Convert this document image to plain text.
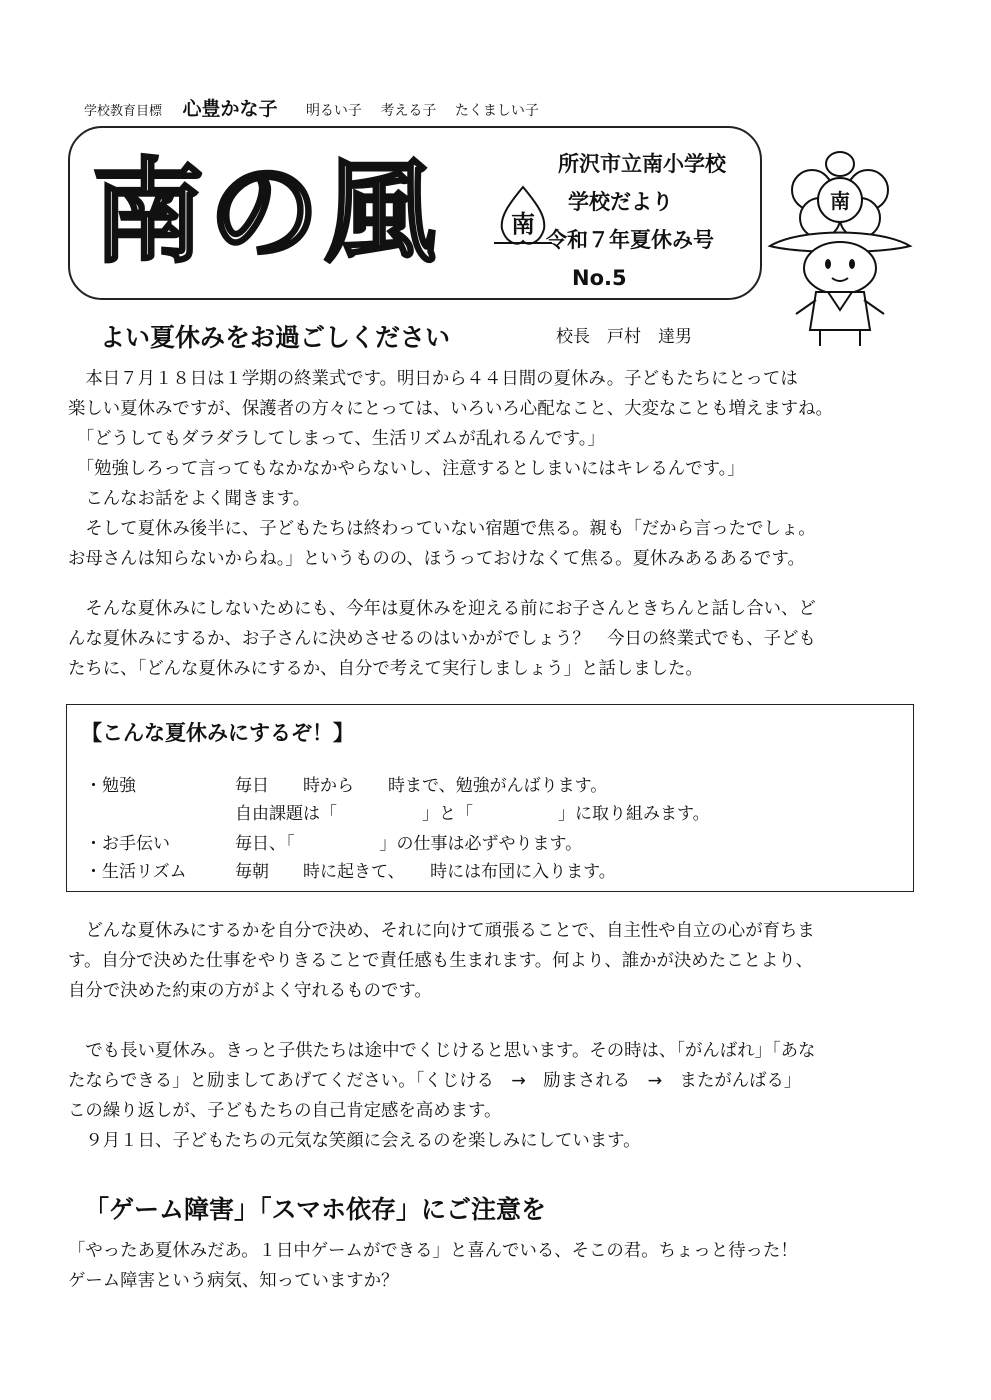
学校教育目標 心豊かな子 明るい子 考える子 たくましい子
南の風	南
所沢市立南小学校
学校だより
令和７年夏休み号
No.5
南
よい夏休みをお過ごしください	校長　戸村　達男

　本日７月１８日は１学期の終業式です。明日から４４日間の夏休み。子どもたちにとっては

楽しい夏休みですが、保護者の方々にとっては、いろいろ心配なこと、大変なことも増えますね。

　「どうしてもダラダラしてしまって、生活リズムが乱れるんです。」

　「勉強しろって言ってもなかなかやらないし、注意するとしまいにはキレるんです。」

　こんなお話をよく聞きます。

　そして夏休み後半に、子どもたちは終わっていない宿題で焦る。親も「だから言ったでしょ。

お母さんは知らないからね。」というものの、ほうっておけなくて焦る。夏休みあるあるです。

　そんな夏休みにしないためにも、今年は夏休みを迎える前にお子さんときちんと話し合い、ど

んな夏休みにするか、お子さんに決めさせるのはいかがでしょう？　今日の終業式でも、子ども

たちに、「どんな夏休みにするか、自分で考えて実行しましょう」と話しました。

【こんな夏休みにするぞ！】
・勉強	毎日　　時から　　時まで、勉強がんばります。
自由課題は「　　　　　」と「　　　　　」に取り組みます。
・お手伝い	毎日、「　　　　　」の仕事は必ずやります。
・生活リズム	毎朝　　時に起きて、　　時には布団に入ります。

　どんな夏休みにするかを自分で決め、それに向けて頑張ることで、自主性や自立の心が育ちま

す。自分で決めた仕事をやりきることで責任感も生まれます。何より、誰かが決めたことより、

自分で決めた約束の方がよく守れるものです。

　でも長い夏休み。きっと子供たちは途中でくじけると思います。その時は、「がんばれ」「あな

たならできる」と励ましてあげてください。「くじける　→　励まされる　→　またがんばる」

この繰り返しが、子どもたちの自己肯定感を高めます。

　９月１日、子どもたちの元気な笑顔に会えるのを楽しみにしています。

「ゲーム障害」「スマホ依存」にご注意を

「やったあ夏休みだあ。１日中ゲームができる」と喜んでいる、そこの君。ちょっと待った！

ゲーム障害という病気、知っていますか？
